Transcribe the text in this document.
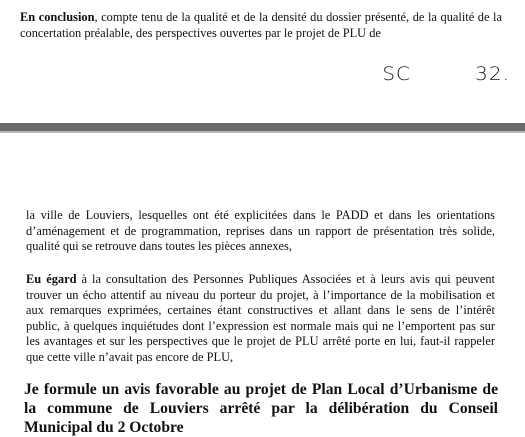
En conclusion, compte tenu de la qualité et de la densité du dossier présenté, de la qualité de la concertation préalable, des perspectives ouvertes par le projet de PLU de

SC	32.

la ville de Louviers, lesquelles ont été explicitées dans le PADD et dans les orientations d’aménagement et de programmation, reprises dans un rapport de présentation très solide, qualité qui se retrouve dans toutes les pièces annexes,

Eu égard à la consultation des Personnes Publiques Associées et à leurs avis qui peuvent trouver un écho attentif au niveau du porteur du projet, à l’importance de la mobilisation et aux remarques exprimées, certaines étant constructives et allant dans le sens de l’intérêt public, à quelques inquiétudes dont l’expression est normale mais qui ne l’emportent pas sur les avantages et sur les perspectives que le projet de PLU arrêté porte en lui, faut-il rappeler que cette ville n’avait pas encore de PLU,

Je formule un avis favorable au projet de Plan Local d’Urbanisme de la commune de Louviers arrêté par la délibération du Conseil Municipal du 2 Octobre
